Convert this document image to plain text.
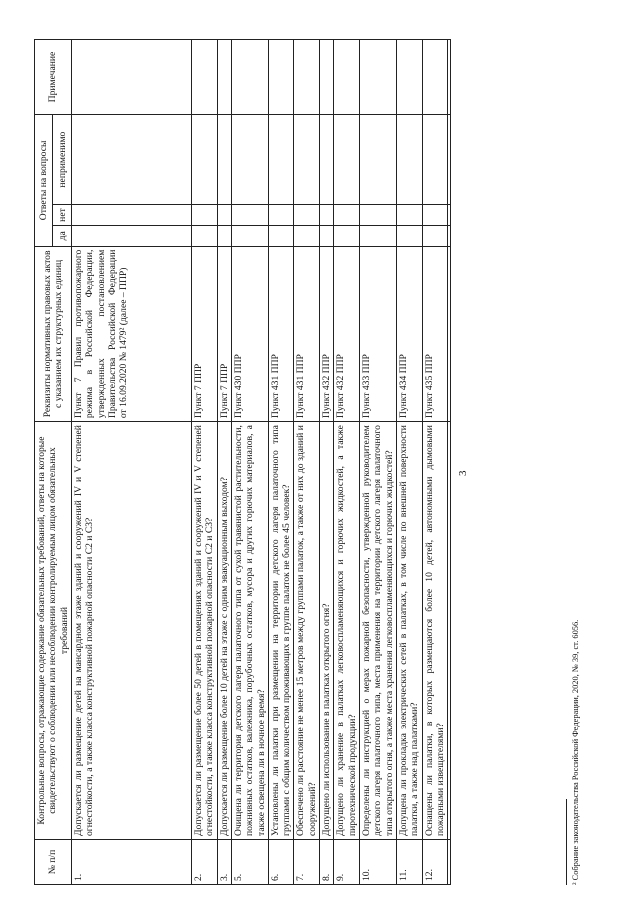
3
№ п/п	Контрольные вопросы, отражающие содержание обязательных требований, ответы на которые свидетельствуют о соблюдении или несоблюдении контролируемым лицом обязательных требований	Реквизиты нормативных правовых актов с указанием их структурных единиц	Ответы на вопросы			Примечание
			да	нет	неприменимо	
1.	Допускается ли размещение детей на мансардном этаже зданий и сооружений IV и V степеней огнестойкости, а также класса конструктивной пожарной опасности С2 и С3?	Пункт 7 Правил противопожарного режима в Российской Федерации, утвержденных постановлением Правительства Российской Федерации от 16.09.2020 № 1479² (далее – ППР)				
2.	Допускается ли размещение более 50 детей в помещениях зданий и сооружений IV и V степеней огнестойкости, а также класса конструктивной пожарной опасности С2 и С3?	Пункт 7 ППР				
3.	Допускается ли размещение более 10 детей на этаже с одним эвакуационным выходом?	Пункт 7 ППР				
5.	Очищена ли территория детского лагеря палаточного типа от сухой травянистой растительности, пожнивных остатков, валежника, порубочных остатков, мусора и других горючих материалов, а также освещена ли в ночное время?	Пункт 430 ППР				
6.	Установлены ли палатки при размещении на территории детского лагеря палаточного типа группами с общим количеством проживающих в группе палаток не более 45 человек?	Пункт 431 ППР				
7.	Обеспечено ли расстояние не менее 15 метров между группами палаток, а также от них до зданий и сооружений?	Пункт 431 ППР				
8.	Допущено ли использование в палатках открытого огня?	Пункт 432 ППР				
9.	Допущено ли хранение в палатках легковоспламеняющихся и горючих жидкостей, а также пиротехнической продукции?	Пункт 432 ППР				
10.	Определены ли инструкцией о мерах пожарной безопасности, утвержденной руководителем детского лагеря палаточного типа, места применения на территории детского лагеря палаточного типа открытого огня, а также места хранения легковоспламеняющихся и горючих жидкостей?	Пункт 433 ППР				
11.	Допущена ли прокладка электрических сетей в палатках, в том числе по внешней поверхности палатки, а также над палатками?	Пункт 434 ППР				
12.	Оснащены ли палатки, в которых размещаются более 10 детей, автономными дымовыми пожарными извещателями?	Пункт 435 ППР				

² Собрание законодательства Российской Федерации, 2020, № 39, ст. 6056.
